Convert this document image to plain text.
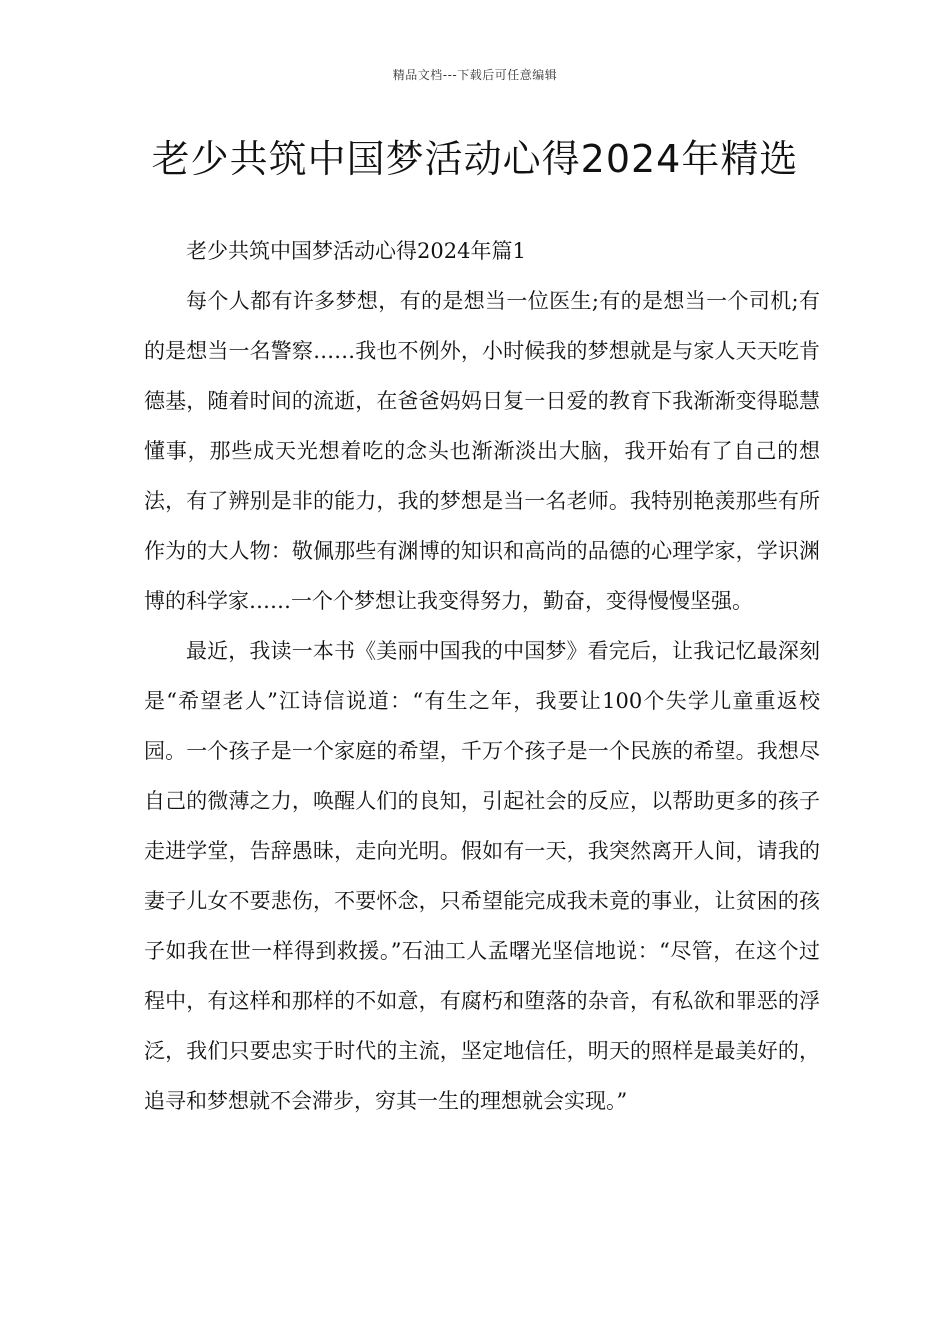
精品文档---下载后可任意编辑
老少共筑中国梦活动心得2024年精选
老少共筑中国梦活动心得2024年篇1

每个人都有许多梦想，有的是想当一位医生;有的是想当一个司机;有的是想当一名警察……我也不例外，小时候我的梦想就是与家人天天吃肯德基，随着时间的流逝，在爸爸妈妈日复一日爱的教育下我渐渐变得聪慧懂事，那些成天光想着吃的念头也渐渐淡出大脑，我开始有了自己的想法，有了辨别是非的能力，我的梦想是当一名老师。我特别艳羡那些有所作为的大人物：敬佩那些有渊博的知识和高尚的品德的心理学家，学识渊博的科学家……一个个梦想让我变得努力，勤奋，变得慢慢坚强。

最近，我读一本书《美丽中国我的中国梦》看完后，让我记忆最深刻是“希望老人”江诗信说道：“有生之年，我要让100个失学儿童重返校园。一个孩子是一个家庭的希望，千万个孩子是一个民族的希望。我想尽自己的微薄之力，唤醒人们的良知，引起社会的反应，以帮助更多的孩子走进学堂，告辞愚昧，走向光明。假如有一天，我突然离开人间，请我的妻子儿女不要悲伤，不要怀念，只希望能完成我未竟的事业，让贫困的孩子如我在世一样得到救援。”石油工人孟曙光坚信地说：“尽管，在这个过程中，有这样和那样的不如意，有腐朽和堕落的杂音，有私欲和罪恶的浮泛，我们只要忠实于时代的主流，坚定地信任，明天的照样是最美好的，追寻和梦想就不会滞步，穷其一生的理想就会实现。”
